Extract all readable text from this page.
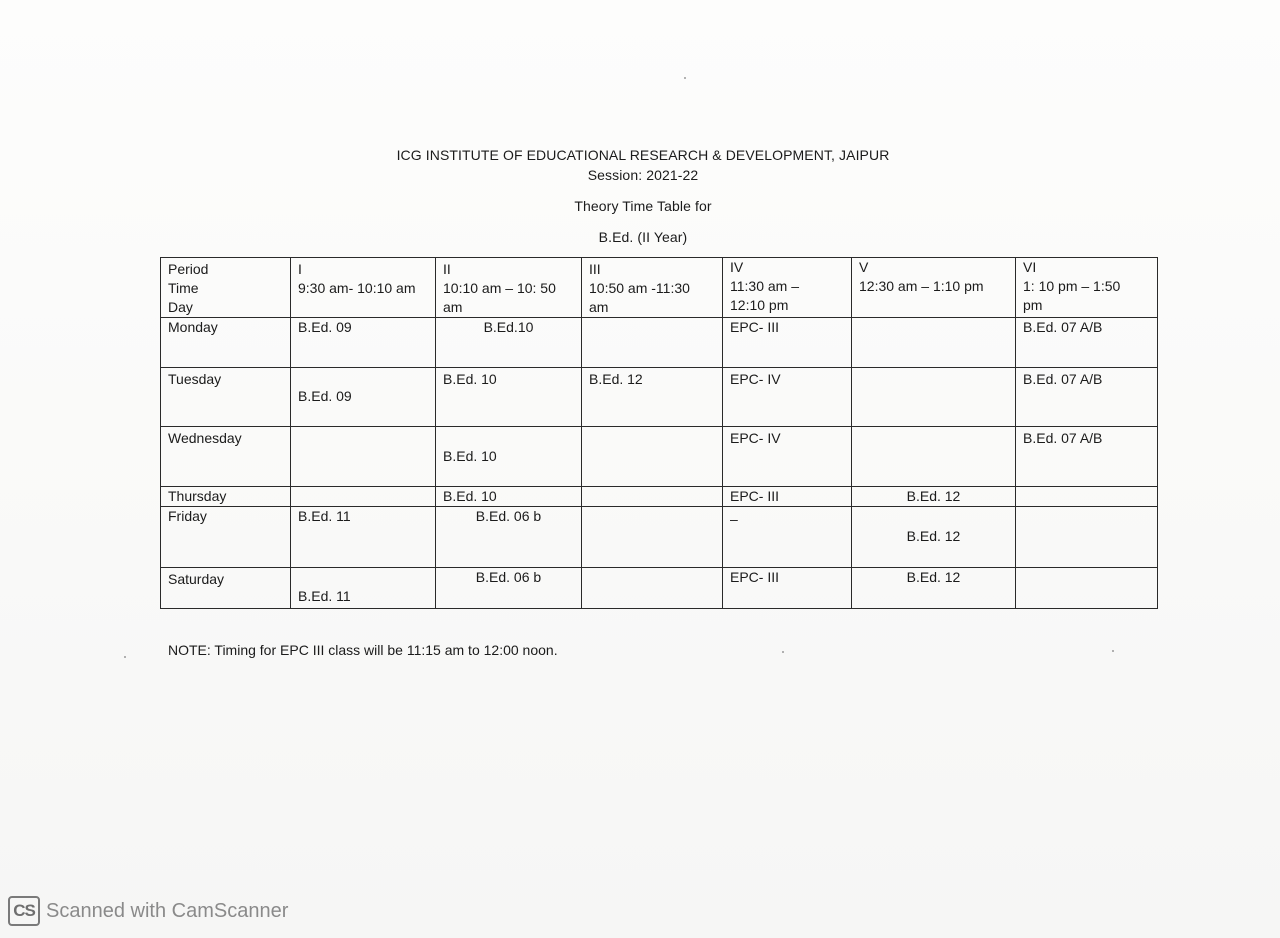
ICG INSTITUTE OF EDUCATIONAL RESEARCH & DEVELOPMENT, JAIPUR
Session: 2021-22
Theory Time Table for
B.Ed. (II Year)
Period
Time
Day	I
9:30 am- 10:10 am	II
10:10 am – 10: 50
am	III
10:50 am -11:30
am	IV
11:30 am –
12:10 pm	V
12:30 am – 1:10 pm	VI
1: 10 pm – 1:50
pm

Monday	B.Ed. 09	B.Ed.10		EPC- III		B.Ed. 07 A/B
Tuesday	B.Ed. 09	B.Ed. 10	B.Ed. 12	EPC- IV		B.Ed. 07 A/B
Wednesday		B.Ed. 10		EPC- IV		B.Ed. 07 A/B
Thursday		B.Ed. 10		EPC- III	B.Ed. 12	
Friday	B.Ed. 11	B.Ed. 06 b		–	B.Ed. 12	

Saturday	B.Ed. 11	B.Ed. 06 b		EPC- III	B.Ed. 12	
NOTE: Timing for EPC III class will be 11:15 am to 12:00 noon.
CS Scanned with CamScanner
